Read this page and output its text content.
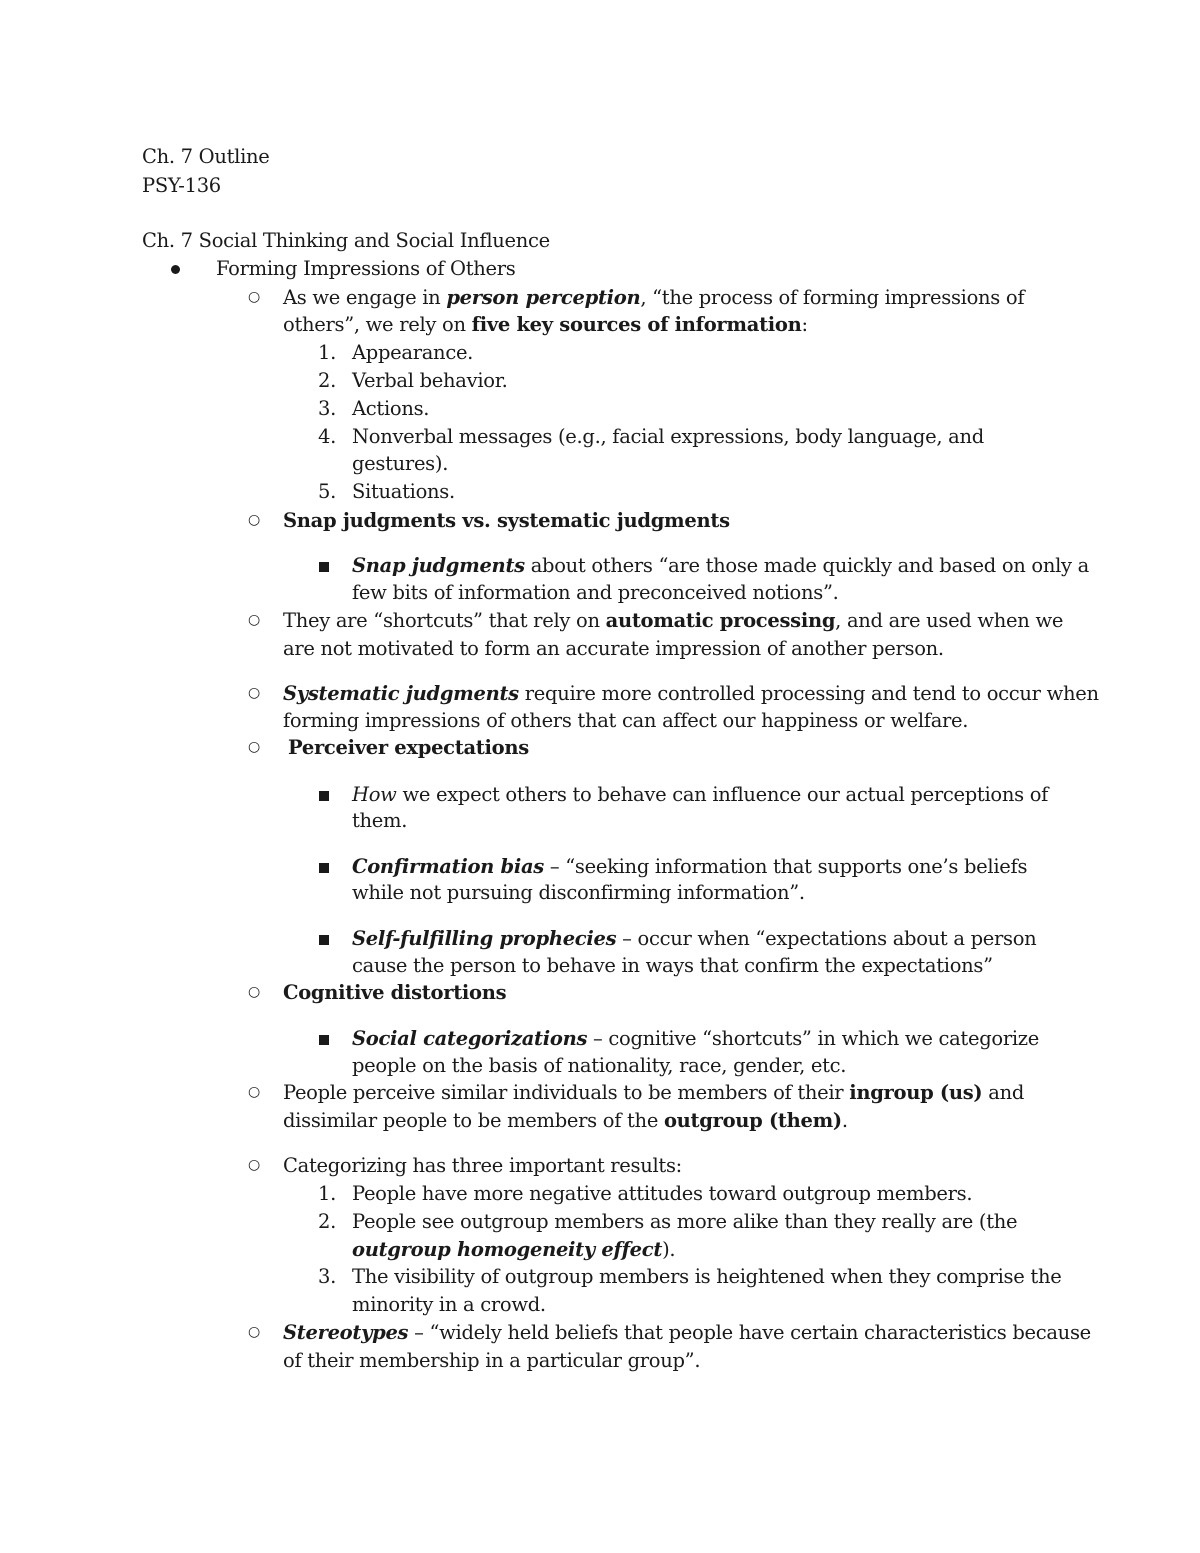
Ch. 7 Outline
PSY-136
Ch. 7 Social Thinking and Social Influence
Forming Impressions of Others
○ As we engage in person perception, “the process of forming impressions of
others”, we rely on five key sources of information:
1. Appearance.
2. Verbal behavior.
3. Actions.
4. Nonverbal messages (e.g., facial expressions, body language, and
gestures).
5. Situations.
○ Snap judgments vs. systematic judgments
Snap judgments about others “are those made quickly and based on only a
few bits of information and preconceived notions”.
○ They are “shortcuts” that rely on automatic processing, and are used when we
are not motivated to form an accurate impression of another person.
○ Systematic judgments require more controlled processing and tend to occur when
forming impressions of others that can affect our happiness or welfare.
○ Perceiver expectations
How we expect others to behave can influence our actual perceptions of
them.
Confirmation bias – “seeking information that supports one’s beliefs
while not pursuing disconfirming information”.
Self-fulfilling prophecies – occur when “expectations about a person
cause the person to behave in ways that confirm the expectations”
○ Cognitive distortions
Social categorizations – cognitive “shortcuts” in which we categorize
people on the basis of nationality, race, gender, etc.
○ People perceive similar individuals to be members of their ingroup (us) and
dissimilar people to be members of the outgroup (them).
○ Categorizing has three important results:
1. People have more negative attitudes toward outgroup members.
2. People see outgroup members as more alike than they really are (the
outgroup homogeneity effect).
3. The visibility of outgroup members is heightened when they comprise the
minority in a crowd.
○ Stereotypes – “widely held beliefs that people have certain characteristics because
of their membership in a particular group”.
